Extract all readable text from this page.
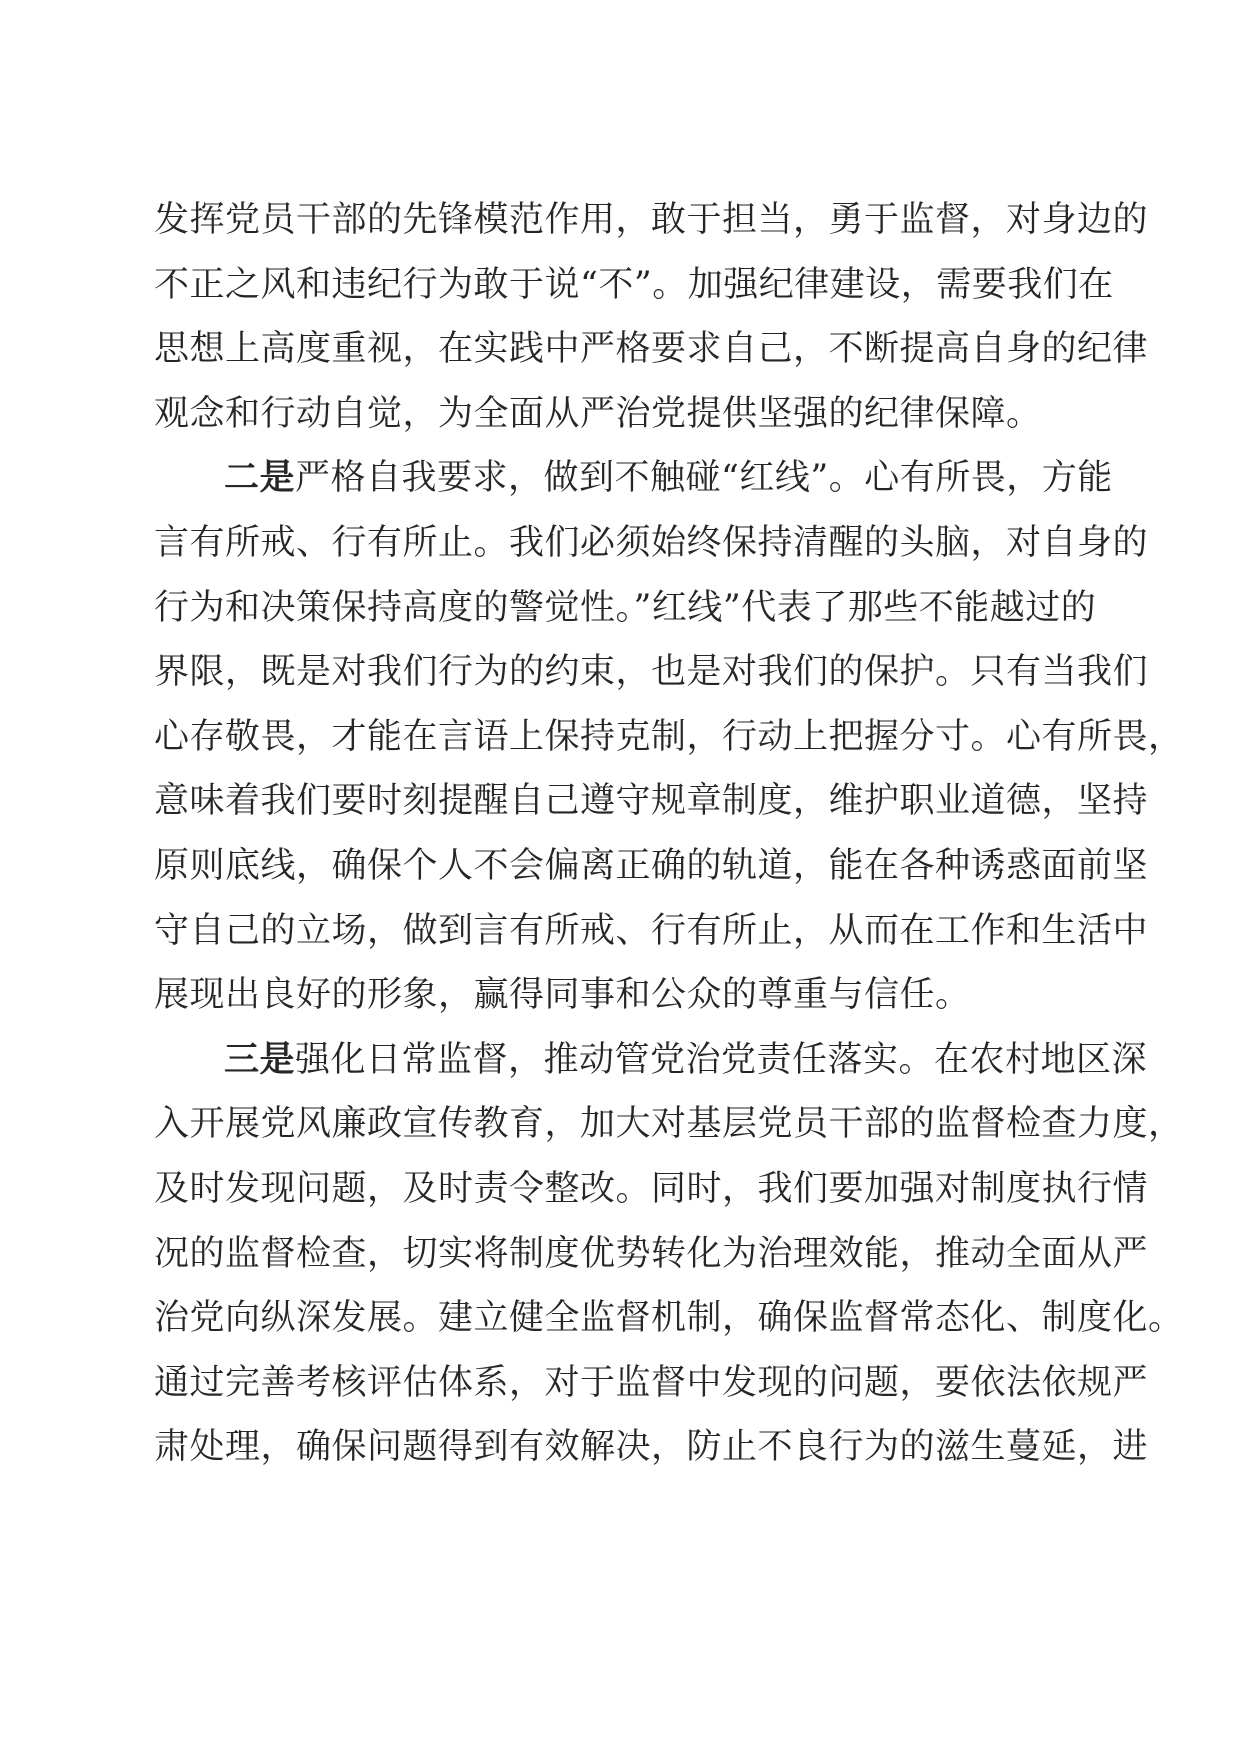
发挥党员干部的先锋模范作用，敢于担当，勇于监督，对身边的
不正之风和违纪行为敢于说“不”。加强纪律建设，需要我们在
思想上高度重视，在实践中严格要求自己，不断提高自身的纪律
观念和行动自觉，为全面从严治党提供坚强的纪律保障。
二是严格自我要求，做到不触碰“红线”。心有所畏，方能
言有所戒、行有所止。我们必须始终保持清醒的头脑，对自身的
行为和决策保持高度的警觉性。”红线”代表了那些不能越过的
界限，既是对我们行为的约束，也是对我们的保护。只有当我们
心存敬畏，才能在言语上保持克制，行动上把握分寸。心有所畏，
意味着我们要时刻提醒自己遵守规章制度，维护职业道德，坚持
原则底线，确保个人不会偏离正确的轨道，能在各种诱惑面前坚
守自己的立场，做到言有所戒、行有所止，从而在工作和生活中
展现出良好的形象，赢得同事和公众的尊重与信任。
三是强化日常监督，推动管党治党责任落实。在农村地区深
入开展党风廉政宣传教育，加大对基层党员干部的监督检查力度，
及时发现问题，及时责令整改。同时，我们要加强对制度执行情
况的监督检查，切实将制度优势转化为治理效能，推动全面从严
治党向纵深发展。建立健全监督机制，确保监督常态化、制度化。
通过完善考核评估体系，对于监督中发现的问题，要依法依规严
肃处理，确保问题得到有效解决，防止不良行为的滋生蔓延，进
